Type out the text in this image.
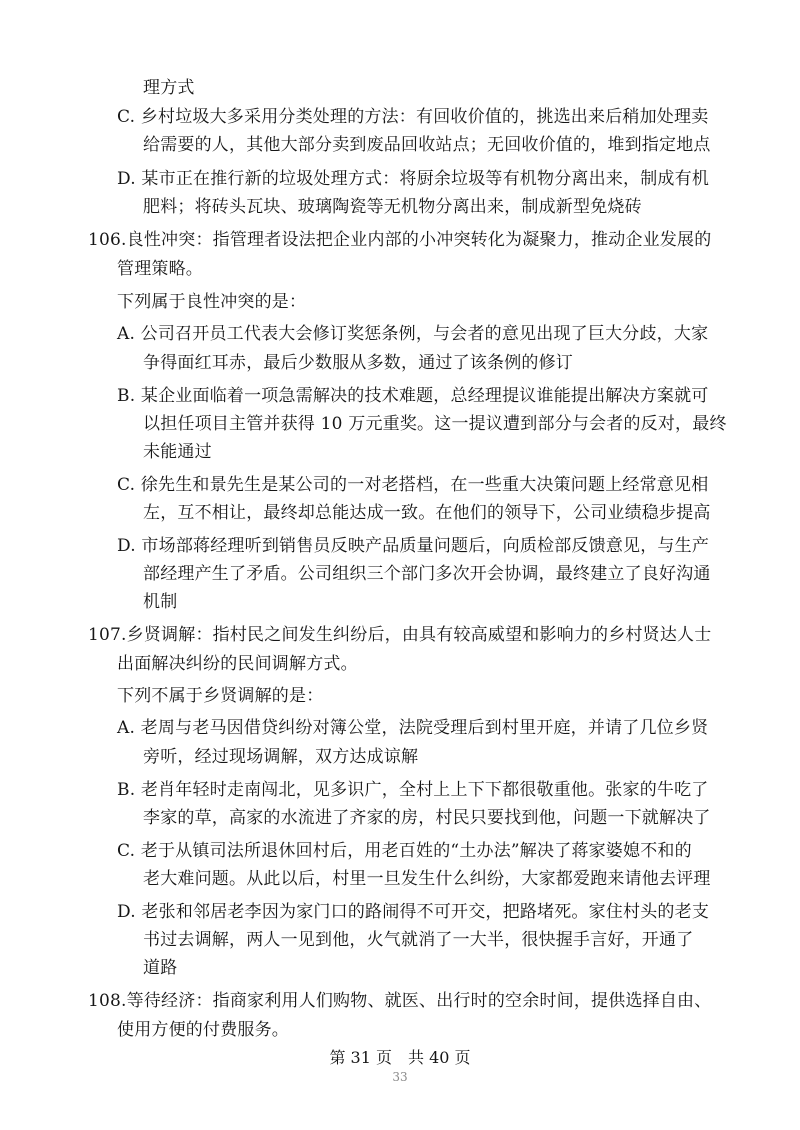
理方式
C. 乡村垃圾大多采用分类处理的方法：有回收价值的，挑选出来后稍加处理卖
给需要的人，其他大部分卖到废品回收站点；无回收价值的，堆到指定地点
D. 某市正在推行新的垃圾处理方式：将厨余垃圾等有机物分离出来，制成有机
肥料；将砖头瓦块、玻璃陶瓷等无机物分离出来，制成新型免烧砖
106.良性冲突：指管理者设法把企业内部的小冲突转化为凝聚力，推动企业发展的
管理策略。
下列属于良性冲突的是：
A. 公司召开员工代表大会修订奖惩条例，与会者的意见出现了巨大分歧，大家
争得面红耳赤，最后少数服从多数，通过了该条例的修订
B. 某企业面临着一项急需解决的技术难题，总经理提议谁能提出解决方案就可
以担任项目主管并获得 10 万元重奖。这一提议遭到部分与会者的反对，最终
未能通过
C. 徐先生和景先生是某公司的一对老搭档，在一些重大决策问题上经常意见相
左，互不相让，最终却总能达成一致。在他们的领导下，公司业绩稳步提高
D. 市场部蒋经理听到销售员反映产品质量问题后，向质检部反馈意见，与生产
部经理产生了矛盾。公司组织三个部门多次开会协调，最终建立了良好沟通
机制
107.乡贤调解：指村民之间发生纠纷后，由具有较高威望和影响力的乡村贤达人士
出面解决纠纷的民间调解方式。
下列不属于乡贤调解的是：
A. 老周与老马因借贷纠纷对簿公堂，法院受理后到村里开庭，并请了几位乡贤
旁听，经过现场调解，双方达成谅解
B. 老肖年轻时走南闯北，见多识广，全村上上下下都很敬重他。张家的牛吃了
李家的草，高家的水流进了齐家的房，村民只要找到他，问题一下就解决了
C. 老于从镇司法所退休回村后，用老百姓的“土办法”解决了蒋家婆媳不和的
老大难问题。从此以后，村里一旦发生什么纠纷，大家都爱跑来请他去评理
D. 老张和邻居老李因为家门口的路闹得不可开交，把路堵死。家住村头的老支
书过去调解，两人一见到他，火气就消了一大半，很快握手言好，开通了
道路
108.等待经济：指商家利用人们购物、就医、出行时的空余时间，提供选择自由、
使用方便的付费服务。
第 31 页　共 40 页
33
